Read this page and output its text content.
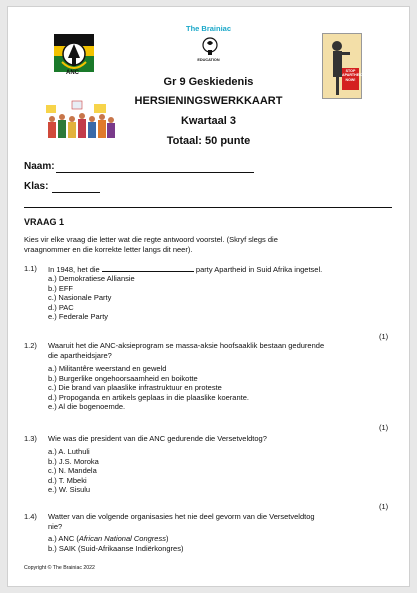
ANC
The Brainiac
EDUCATION
STOP APARTHEID NOW!
Gr 9 Geskiedenis
HERSIENINGSWERKKAART
Kwartaal 3
Totaal: 50 punte
Naam:
Klas:
VRAAG 1
Kies vir elke vraag die letter wat die regte antwoord voorstel. (Skryf slegs die
vraagnommer en die korrekte letter langs dit neer).
1.1) In 1948, het die	party Apartheid in Suid Afrika ingetsel.
a.) Demokratiese Alliansie
b.) EFF
c.) Nasionale Party
d.) PAC
e.) Federale Party
(1)
1.2) Waaruit het die ANC-aksieprogram se massa-aksie hoofsaaklik bestaan gedurende
die apartheidsjare?
a.) Militantêre weerstand en geweld
b.) Burgerlike ongehoorsaamheid en boikotte
c.) Die brand van plaaslike infrastruktuur en proteste
d.) Propoganda en artikels geplaas in die plaaslike koerante.
e.) Al die bogenoemde.
(1)
1.3) Wie was die president van die ANC gedurende die Versetveldtog?
a.) A. Luthuli
b.) J.S. Moroka
c.) N. Mandela
d.) T. Mbeki
e.) W. Sisulu
(1)
1.4) Watter van die volgende organisasies het nie deel gevorm van die Versetveldtog
nie?
a.) ANC (African National Congress)
b.) SAIK (Suid-Afrikaanse Indiërkongres)
Copyright © The Brainiac 2022
